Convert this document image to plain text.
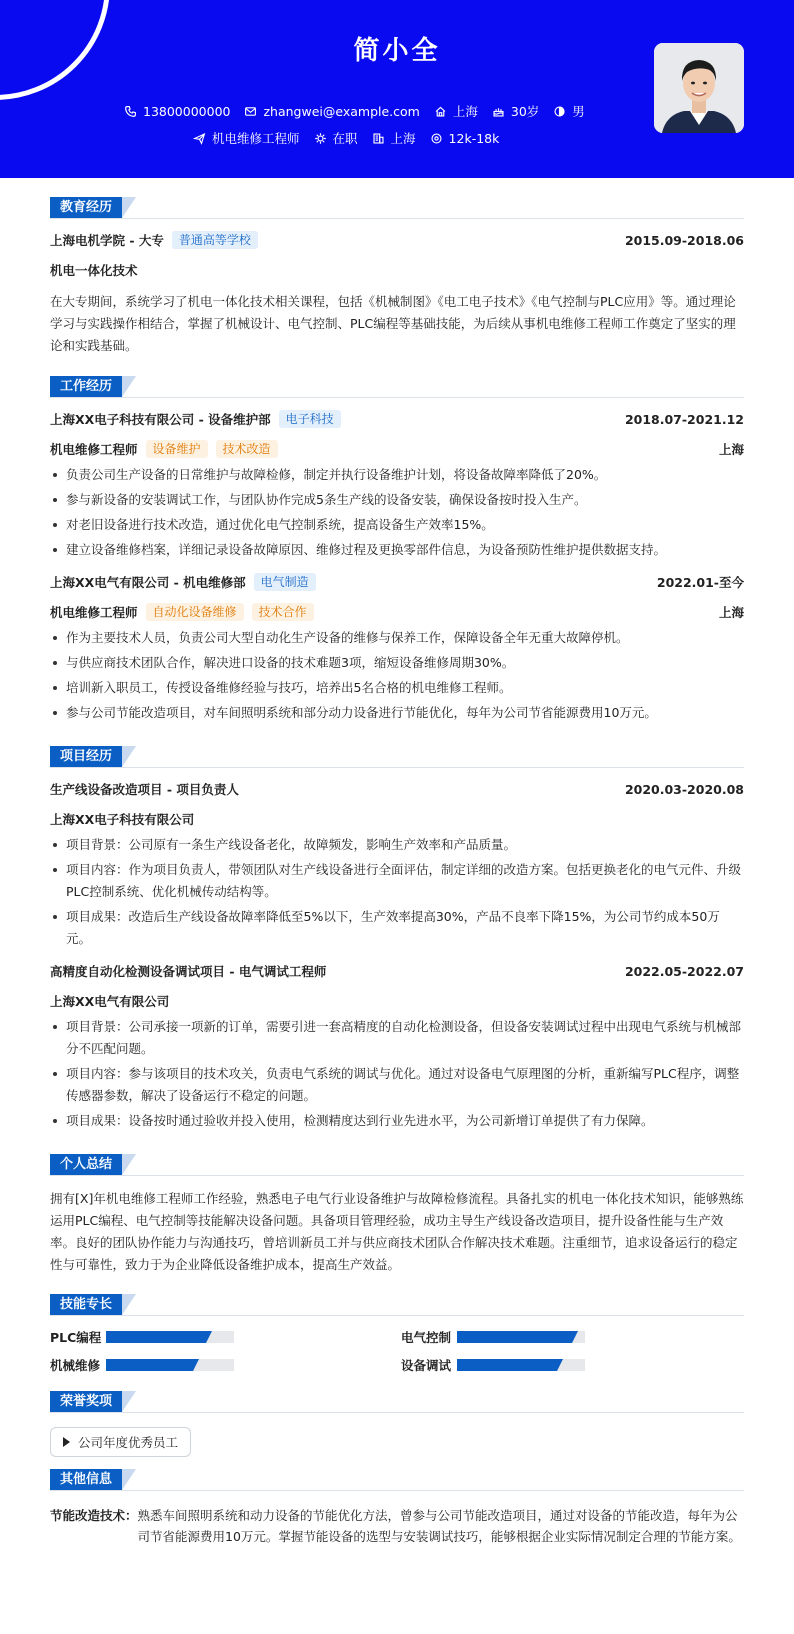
简小全
13800000000	zhangwei@example.com	上海	30岁	男
机电维修工程师	在职	上海	12k-18k
教育经历
上海电机学院 - 大专	普通高等学校	2015.09-2018.06
机电一体化技术
在大专期间，系统学习了机电一体化技术相关课程，包括《机械制图》《电工电子技术》《电气控制与PLC应用》等。通过理论学习与实践操作相结合，掌握了机械设计、电气控制、PLC编程等基础技能，为后续从事机电维修工程师工作奠定了坚实的理论和实践基础。
工作经历
上海XX电子科技有限公司 - 设备维护部	电子科技	2018.07-2021.12
机电维修工程师	设备维护	技术改造	上海
负责公司生产设备的日常维护与故障检修，制定并执行设备维护计划，将设备故障率降低了20%。
参与新设备的安装调试工作，与团队协作完成5条生产线的设备安装，确保设备按时投入生产。
对老旧设备进行技术改造，通过优化电气控制系统，提高设备生产效率15%。
建立设备维修档案，详细记录设备故障原因、维修过程及更换零部件信息，为设备预防性维护提供数据支持。
上海XX电气有限公司 - 机电维修部	电气制造	2022.01-至今
机电维修工程师	自动化设备维修	技术合作	上海
作为主要技术人员，负责公司大型自动化生产设备的维修与保养工作，保障设备全年无重大故障停机。
与供应商技术团队合作，解决进口设备的技术难题3项，缩短设备维修周期30%。
培训新入职员工，传授设备维修经验与技巧，培养出5名合格的机电维修工程师。
参与公司节能改造项目，对车间照明系统和部分动力设备进行节能优化，每年为公司节省能源费用10万元。
项目经历
生产线设备改造项目 - 项目负责人	2020.03-2020.08
上海XX电子科技有限公司
项目背景：公司原有一条生产线设备老化，故障频发，影响生产效率和产品质量。
项目内容：作为项目负责人，带领团队对生产线设备进行全面评估，制定详细的改造方案。包括更换老化的电气元件、升级PLC控制系统、优化机械传动结构等。
项目成果：改造后生产线设备故障率降低至5%以下，生产效率提高30%，产品不良率下降15%，为公司节约成本50万元。
高精度自动化检测设备调试项目 - 电气调试工程师	2022.05-2022.07
上海XX电气有限公司
项目背景：公司承接一项新的订单，需要引进一套高精度的自动化检测设备，但设备安装调试过程中出现电气系统与机械部分不匹配问题。
项目内容：参与该项目的技术攻关，负责电气系统的调试与优化。通过对设备电气原理图的分析，重新编写PLC程序，调整传感器参数，解决了设备运行不稳定的问题。
项目成果：设备按时通过验收并投入使用，检测精度达到行业先进水平，为公司新增订单提供了有力保障。
个人总结
拥有[X]年机电维修工程师工作经验，熟悉电子电气行业设备维护与故障检修流程。具备扎实的机电一体化技术知识，能够熟练运用PLC编程、电气控制等技能解决设备问题。具备项目管理经验，成功主导生产线设备改造项目，提升设备性能与生产效率。良好的团队协作能力与沟通技巧，曾培训新员工并与供应商技术团队合作解决技术难题。注重细节，追求设备运行的稳定性与可靠性，致力于为企业降低设备维护成本，提高生产效益。
技能专长
PLC编程	电气控制
机械维修	设备调试
荣誉奖项
公司年度优秀员工
其他信息
节能改造技术： 熟悉车间照明系统和动力设备的节能优化方法，曾参与公司节能改造项目，通过对设备的节能改造，每年为公司节省能源费用10万元。掌握节能设备的选型与安装调试技巧，能够根据企业实际情况制定合理的节能方案。
